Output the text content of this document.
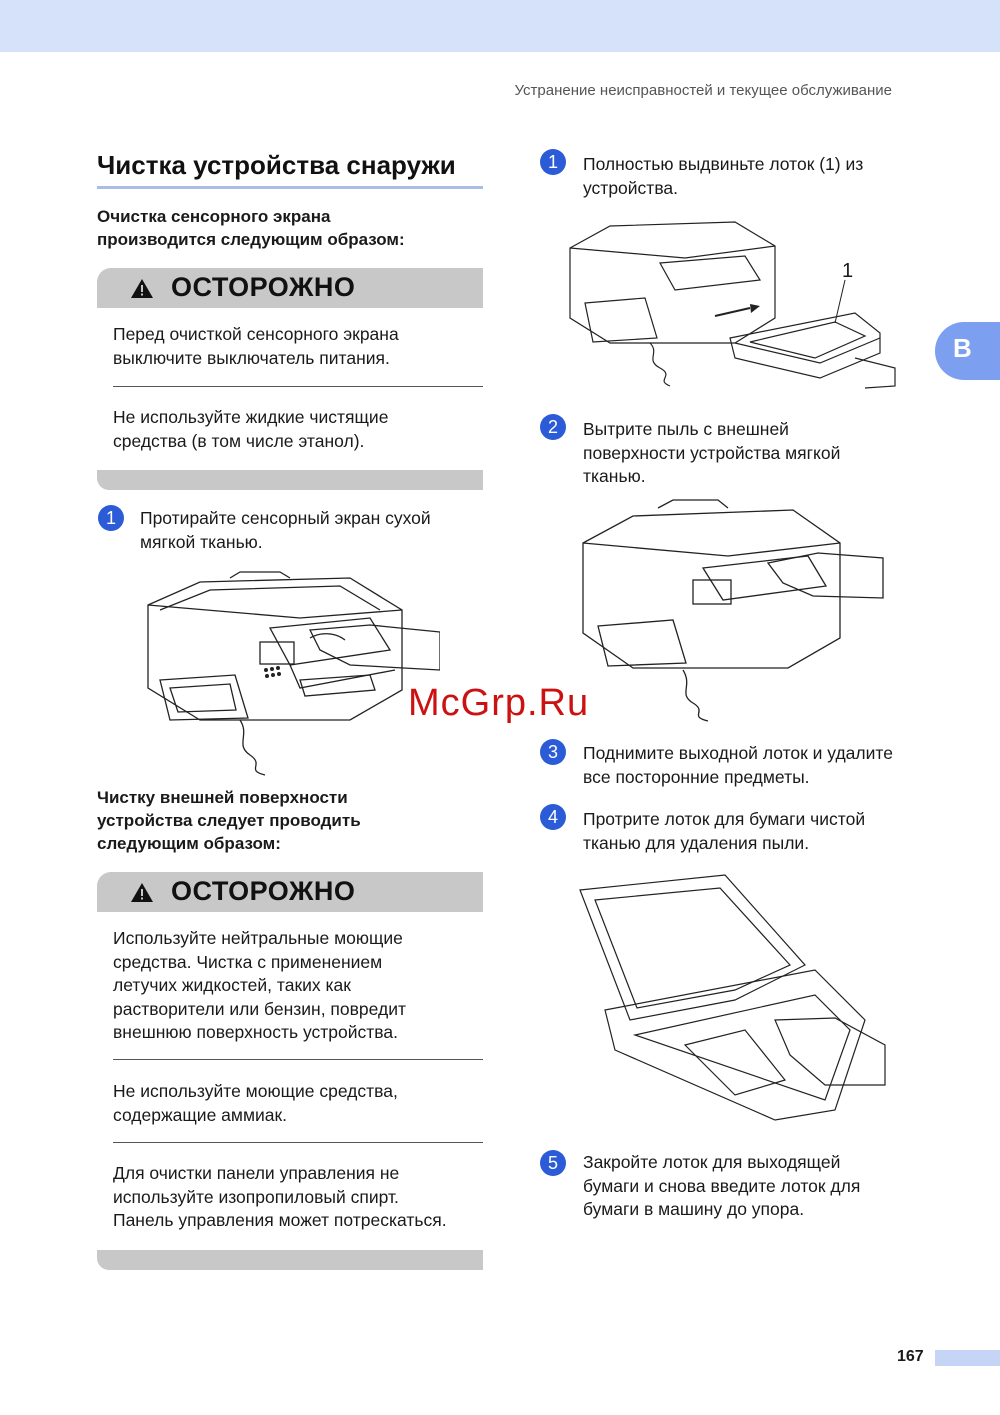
Устранение неисправностей и текущее обслуживание
B
Чистка устройства снаружи
Очистка сенсорного экрана
производится следующим образом:
ОСТОРОЖНО
Перед очисткой сенсорного экрана
выключите выключатель питания.
Не используйте жидкие чистящие
средства (в том числе этанол).
1	Протирайте сенсорный экран сухой
мягкой тканью.
Чистку внешней поверхности
устройства следует проводить
следующим образом:
ОСТОРОЖНО
Используйте нейтральные моющие
средства. Чистка с применением
летучих жидкостей, таких как
растворители или бензин, повредит
внешнюю поверхность устройства.
Не используйте моющие средства,
содержащие аммиак.
Для очистки панели управления не
используйте изопропиловый спирт.
Панель управления может потрескаться.
1	Полностью выдвиньте лоток (1) из
устройства.
1
2	Вытрите пыль с внешней
поверхности устройства мягкой
тканью.
3	Поднимите выходной лоток и удалите
все посторонние предметы.
4	Протрите лоток для бумаги чистой
тканью для удаления пыли.
5	Закройте лоток для выходящей
бумаги и снова введите лоток для
бумаги в машину до упора.
McGrp.Ru
167
